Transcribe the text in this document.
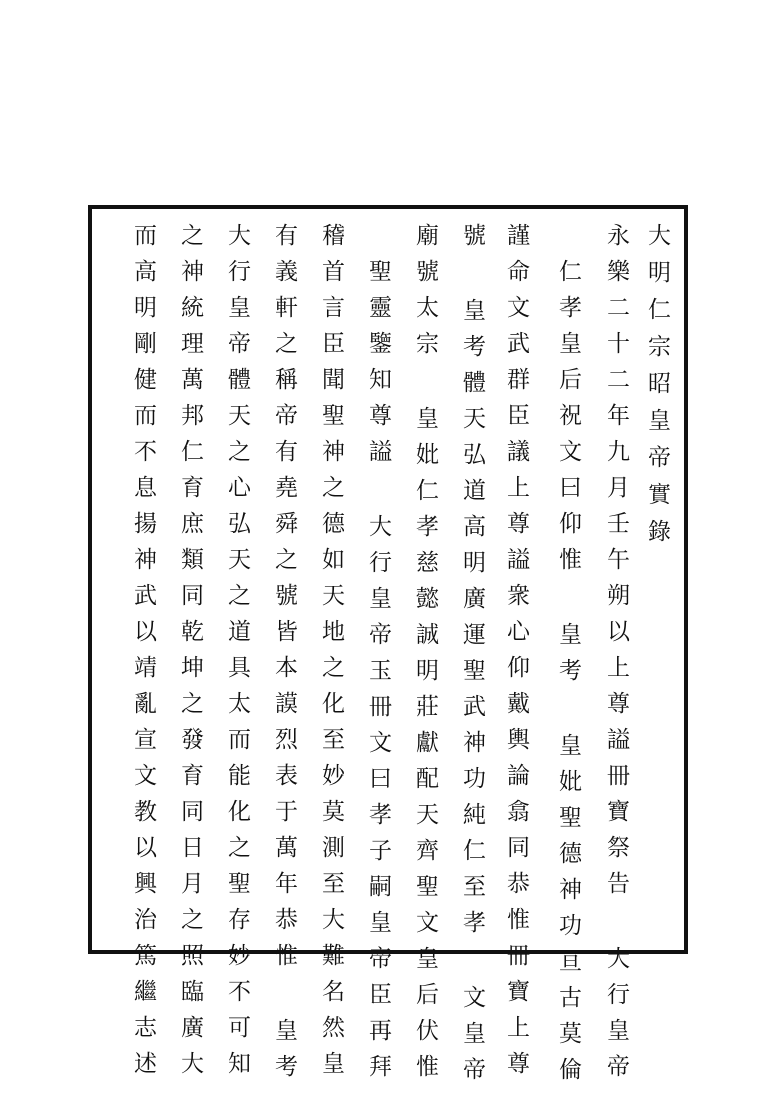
大明仁宗昭皇帝實錄
永樂二十二年九月壬午朔以上尊謚冊寶祭告 大行皇帝
仁孝皇后祝文曰仰惟 皇考 皇妣聖德神功亘古莫倫
謹命文武群臣議上尊謚衆心仰戴輿論翕同恭惟冊寶上尊
號 皇考體天弘道高明廣運聖武神功純仁至孝 文皇帝
廟號太宗 皇妣仁孝慈懿誠明莊獻配天齊聖文皇后伏惟
聖靈鑒知尊謚 大行皇帝玉冊文曰孝子嗣皇帝臣再拜
稽首言臣聞聖神之德如天地之化至妙莫測至大難名然皇
有義軒之稱帝有堯舜之號皆本謨烈表于萬年恭惟 皇考
大行皇帝體天之心弘天之道具太而能化之聖存妙不可知
之神統理萬邦仁育庶類同乾坤之發育同日月之照臨廣大
而高明剛健而不息揚神武以靖亂宣文教以興治篤繼志述
